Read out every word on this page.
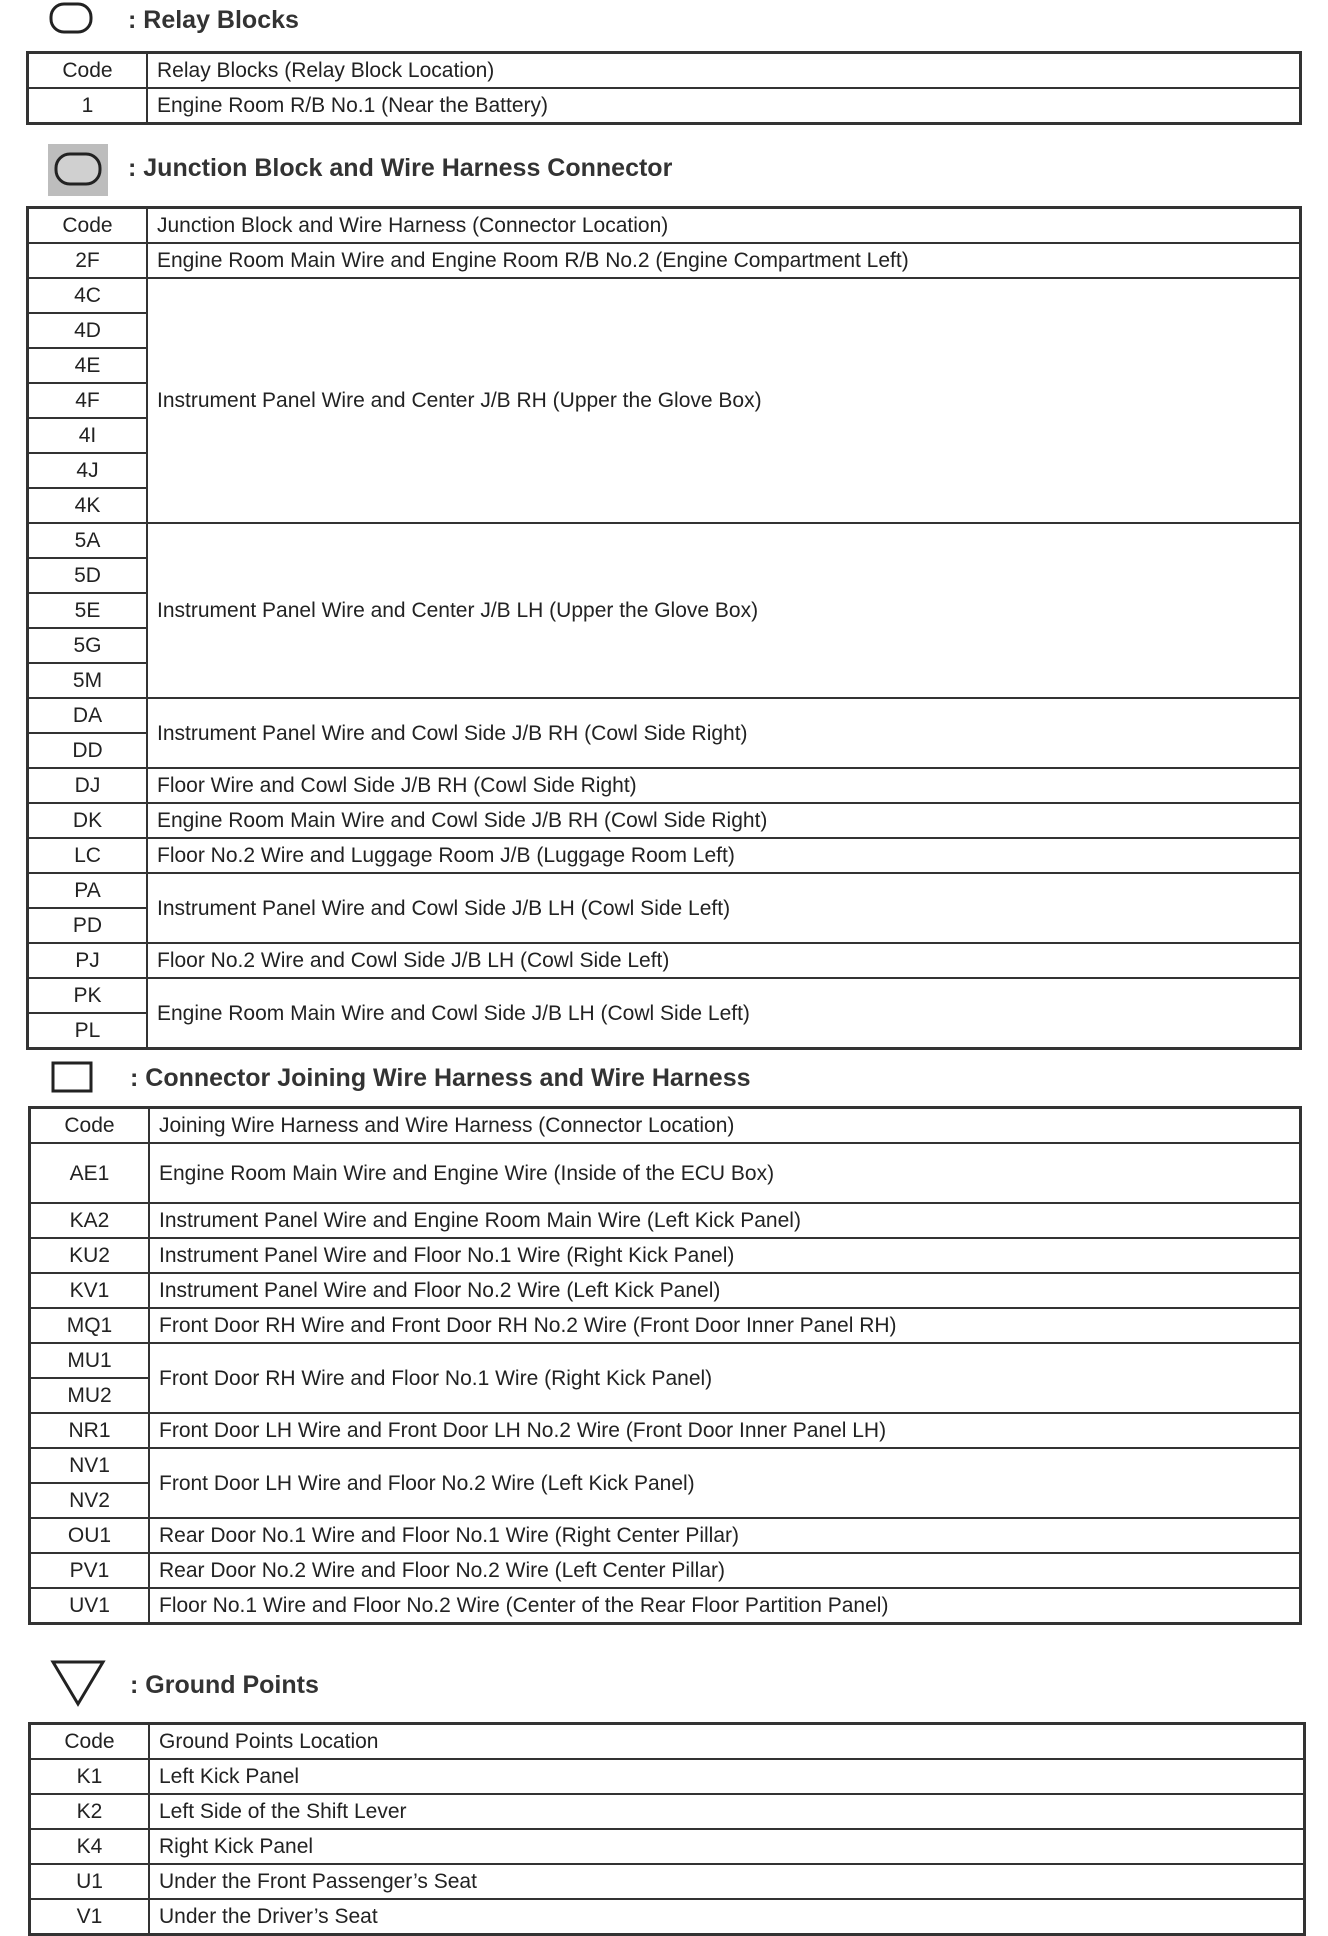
: Relay Blocks
Code	Relay Blocks (Relay Block Location)
1	Engine Room R/B No.1 (Near the Battery)
: Junction Block and Wire Harness Connector
Code	Junction Block and Wire Harness (Connector Location)
2F	Engine Room Main Wire and Engine Room R/B No.2 (Engine Compartment Left)
4C	Instrument Panel Wire and Center J/B RH (Upper the Glove Box)
4D	
4E	
4F	
4I	
4J	
4K	
5A	Instrument Panel Wire and Center J/B LH (Upper the Glove Box)
5D	
5E	
5G	
5M	
DA	Instrument Panel Wire and Cowl Side J/B RH (Cowl Side Right)
DD	
DJ	Floor Wire and Cowl Side J/B RH (Cowl Side Right)
DK	Engine Room Main Wire and Cowl Side J/B RH (Cowl Side Right)
LC	Floor No.2 Wire and Luggage Room J/B (Luggage Room Left)
PA	Instrument Panel Wire and Cowl Side J/B LH (Cowl Side Left)
PD	
PJ	Floor No.2 Wire and Cowl Side J/B LH (Cowl Side Left)
PK	Engine Room Main Wire and Cowl Side J/B LH (Cowl Side Left)
PL	
: Connector Joining Wire Harness and Wire Harness
Code	Joining Wire Harness and Wire Harness (Connector Location)
AE1	Engine Room Main Wire and Engine Wire (Inside of the ECU Box)
KA2	Instrument Panel Wire and Engine Room Main Wire (Left Kick Panel)
KU2	Instrument Panel Wire and Floor No.1 Wire (Right Kick Panel)
KV1	Instrument Panel Wire and Floor No.2 Wire (Left Kick Panel)
MQ1	Front Door RH Wire and Front Door RH No.2 Wire (Front Door Inner Panel RH)
MU1	Front Door RH Wire and Floor No.1 Wire (Right Kick Panel)
MU2	
NR1	Front Door LH Wire and Front Door LH No.2 Wire (Front Door Inner Panel LH)
NV1	Front Door LH Wire and Floor No.2 Wire (Left Kick Panel)
NV2	
OU1	Rear Door No.1 Wire and Floor No.1 Wire (Right Center Pillar)
PV1	Rear Door No.2 Wire and Floor No.2 Wire (Left Center Pillar)
UV1	Floor No.1 Wire and Floor No.2 Wire (Center of the Rear Floor Partition Panel)
: Ground Points
Code	Ground Points Location
K1	Left Kick Panel
K2	Left Side of the Shift Lever
K4	Right Kick Panel
U1	Under the Front Passenger’s Seat
V1	Under the Driver’s Seat
